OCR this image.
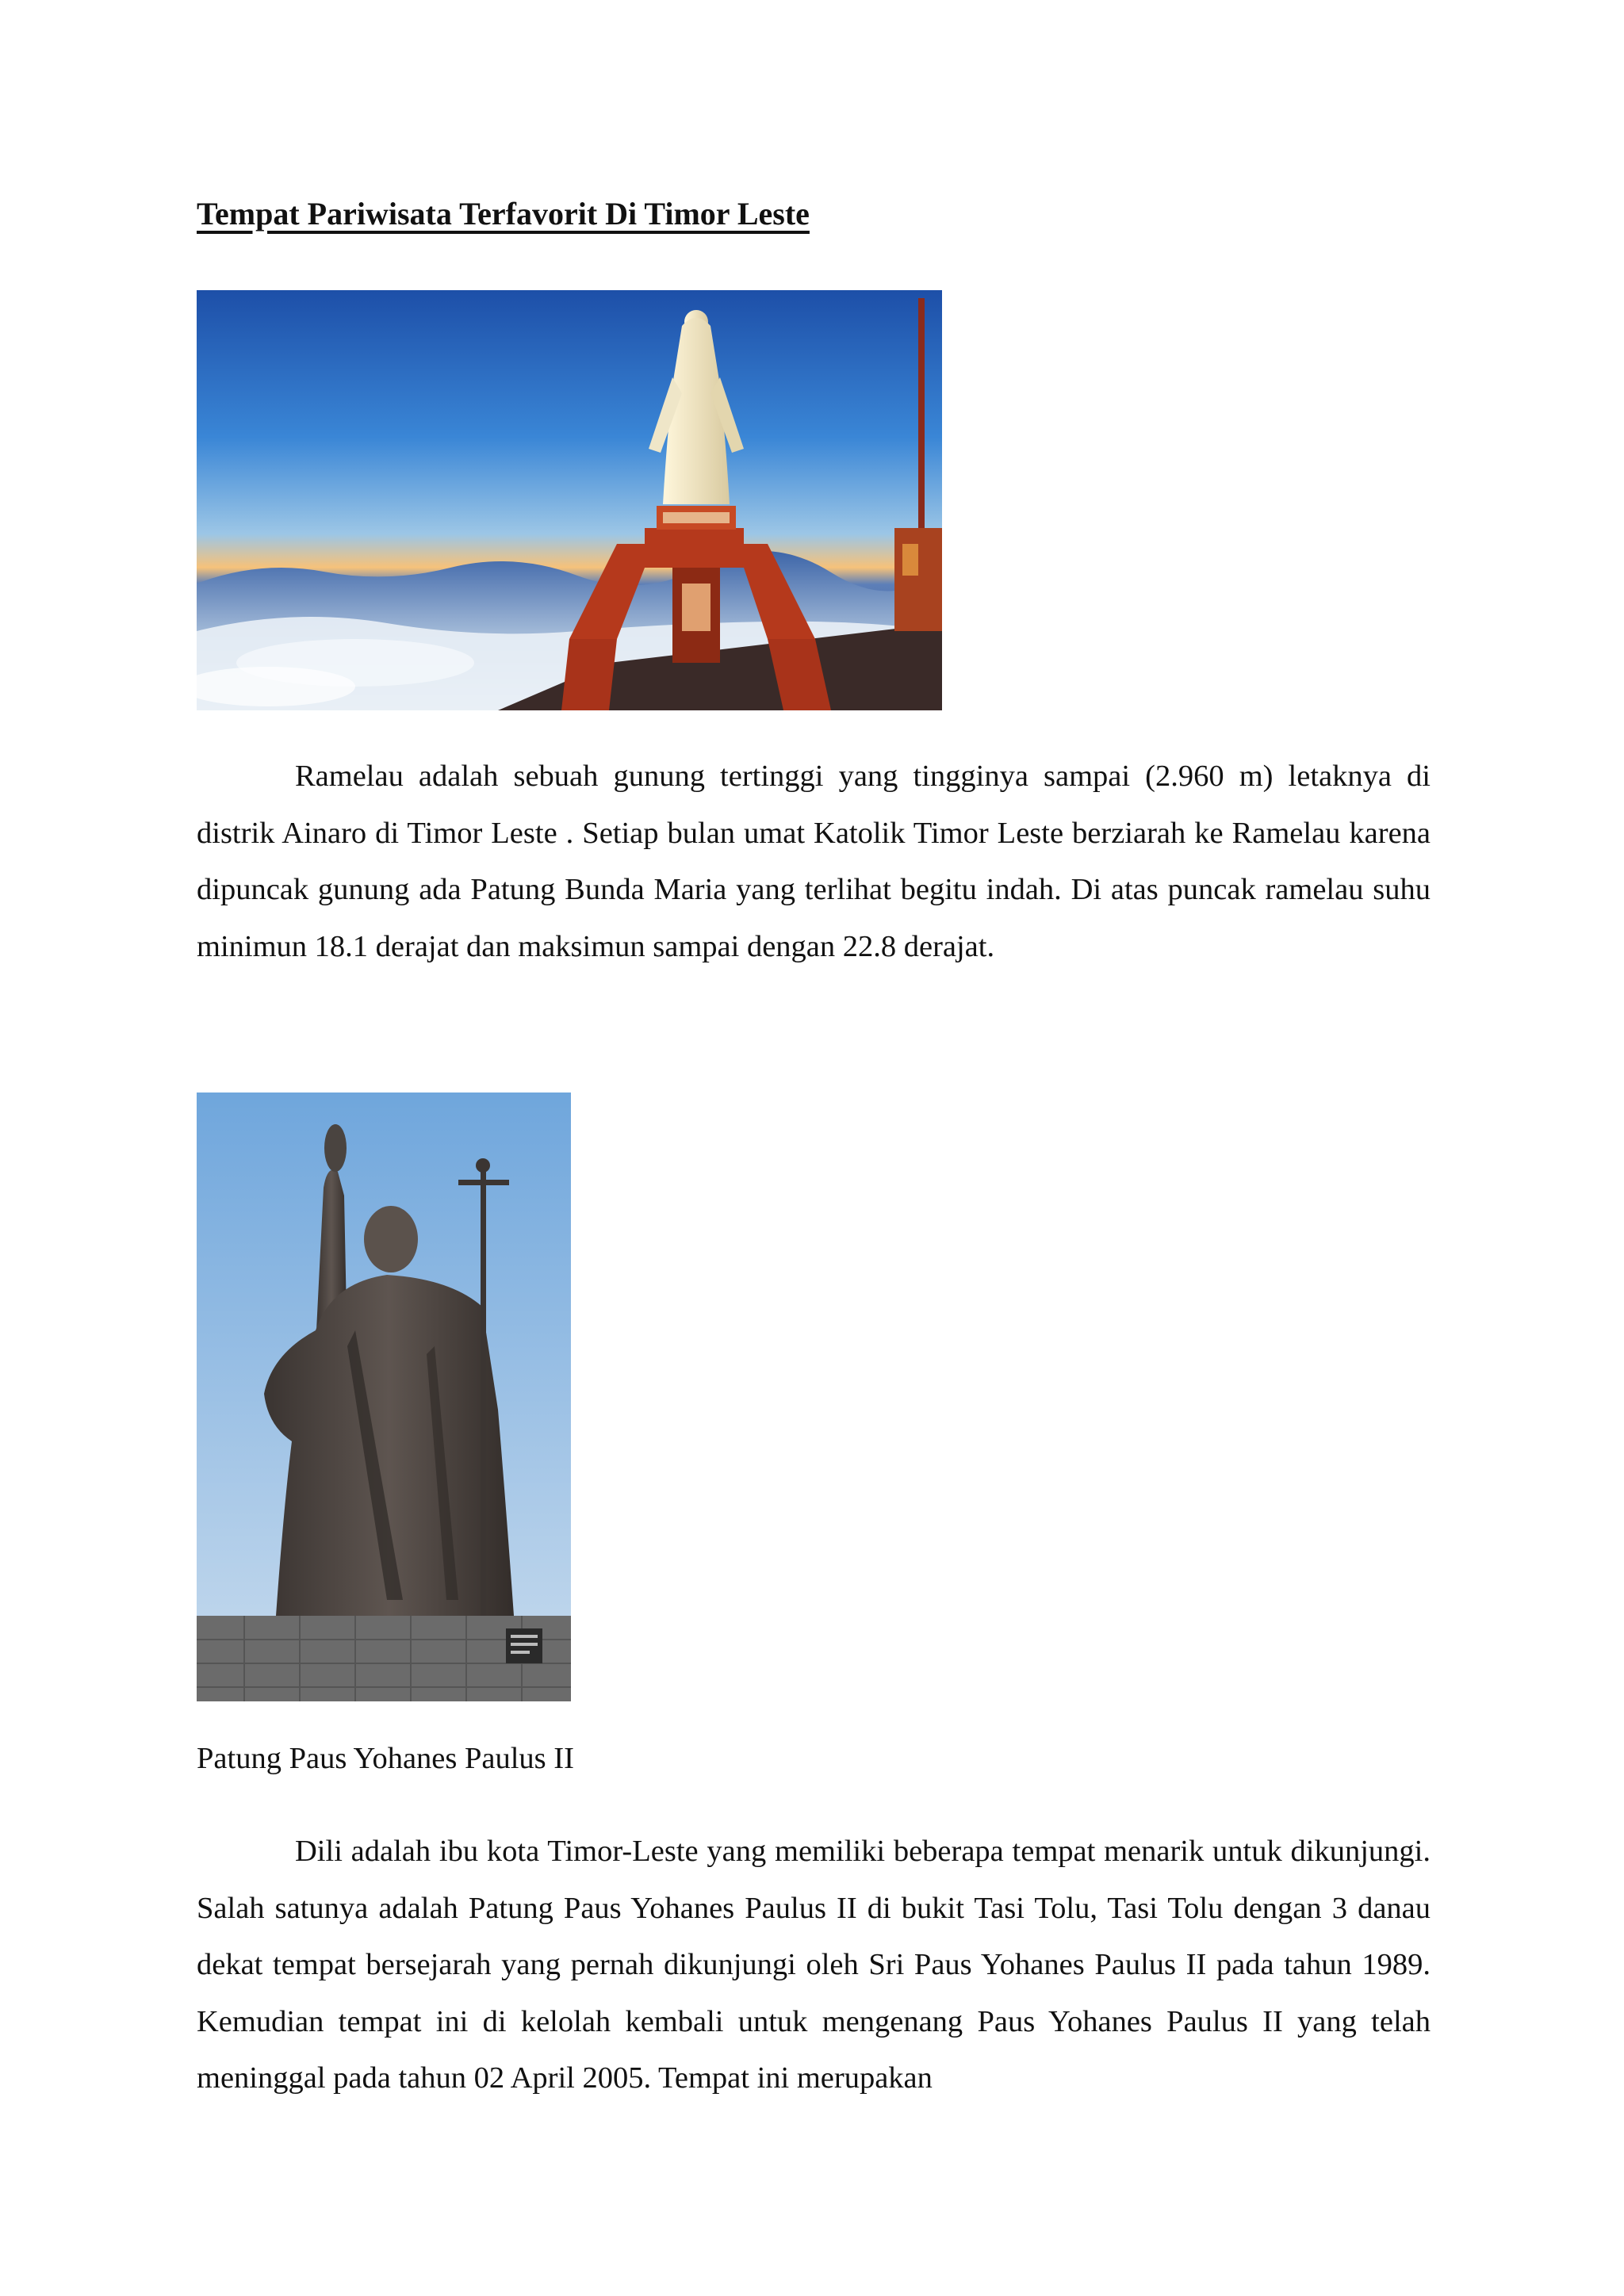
Tempat Pariwisata Terfavorit Di Timor Leste

Ramelau adalah sebuah gunung tertinggi yang tingginya sampai (2.960 m) letaknya di distrik Ainaro di Timor Leste . Setiap bulan umat Katolik Timor Leste berziarah ke Ramelau karena dipuncak gunung ada Patung Bunda Maria yang terlihat begitu indah. Di atas puncak ramelau suhu minimun 18.1 derajat dan maksimun sampai dengan 22.8 derajat.

Patung Paus Yohanes Paulus II

Dili adalah ibu kota Timor-Leste yang memiliki beberapa tempat menarik untuk dikunjungi. Salah satunya adalah Patung Paus Yohanes Paulus II di bukit Tasi Tolu, Tasi Tolu dengan 3 danau dekat tempat bersejarah yang pernah dikunjungi oleh Sri Paus Yohanes Paulus II pada tahun 1989. Kemudian tempat ini di kelolah kembali untuk mengenang Paus Yohanes Paulus II yang telah meninggal pada tahun 02 April 2005. Tempat ini merupakan
